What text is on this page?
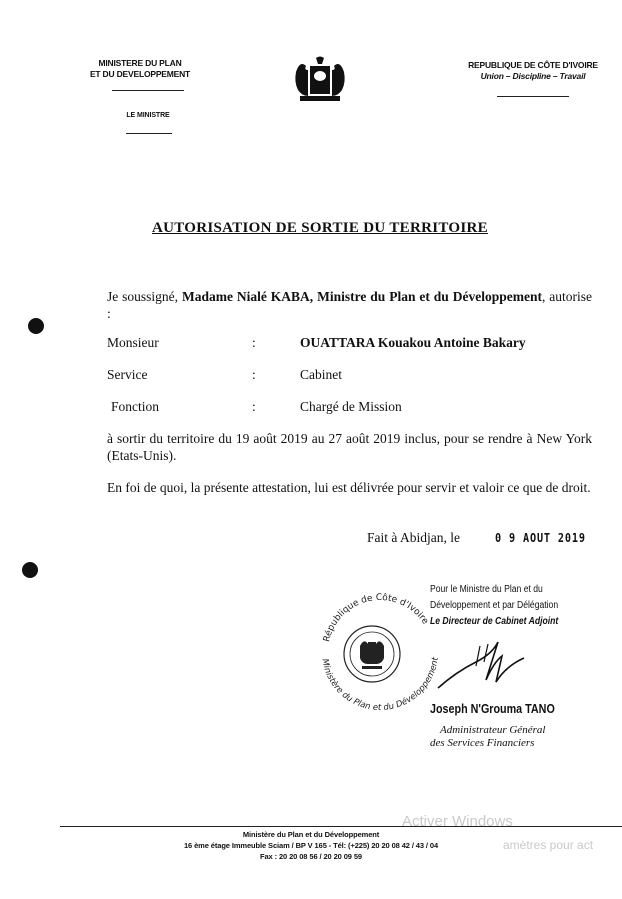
MINISTERE DU PLAN
ET DU DEVELOPPEMENT
LE MINISTRE
REPUBLIQUE DE CÔTE D'IVOIRE
Union – Discipline – Travail
AUTORISATION DE SORTIE DU TERRITOIRE
Je soussigné, Madame Nialé KABA, Ministre du Plan et du Développement, autorise :
Monsieur	:	OUATTARA Kouakou Antoine Bakary
Service	:	Cabinet
Fonction	:	Chargé de Mission
à sortir du territoire du 19 août 2019 au 27 août 2019 inclus, pour se rendre à New York (Etats-Unis).
En foi de quoi, la présente attestation, lui est délivrée pour servir et valoir ce que de droit.
Fait à Abidjan, le	0 9 AOUT 2019
Pour le Ministre du Plan et du
Développement et par Délégation
Le Directeur de Cabinet Adjoint
République de Côte d'Ivoire
Ministère du Plan et du Développement
Joseph N'Grouma TANO
Administrateur Général
des Services Financiers
Ministère du Plan et du Développement
16 ème étage Immeuble Sciam / BP V 165 - Tél: (+225) 20 20 08 42 / 43 / 04
Fax : 20 20 08 56 / 20 20 09 59
Activer Windows
amètres pour act
